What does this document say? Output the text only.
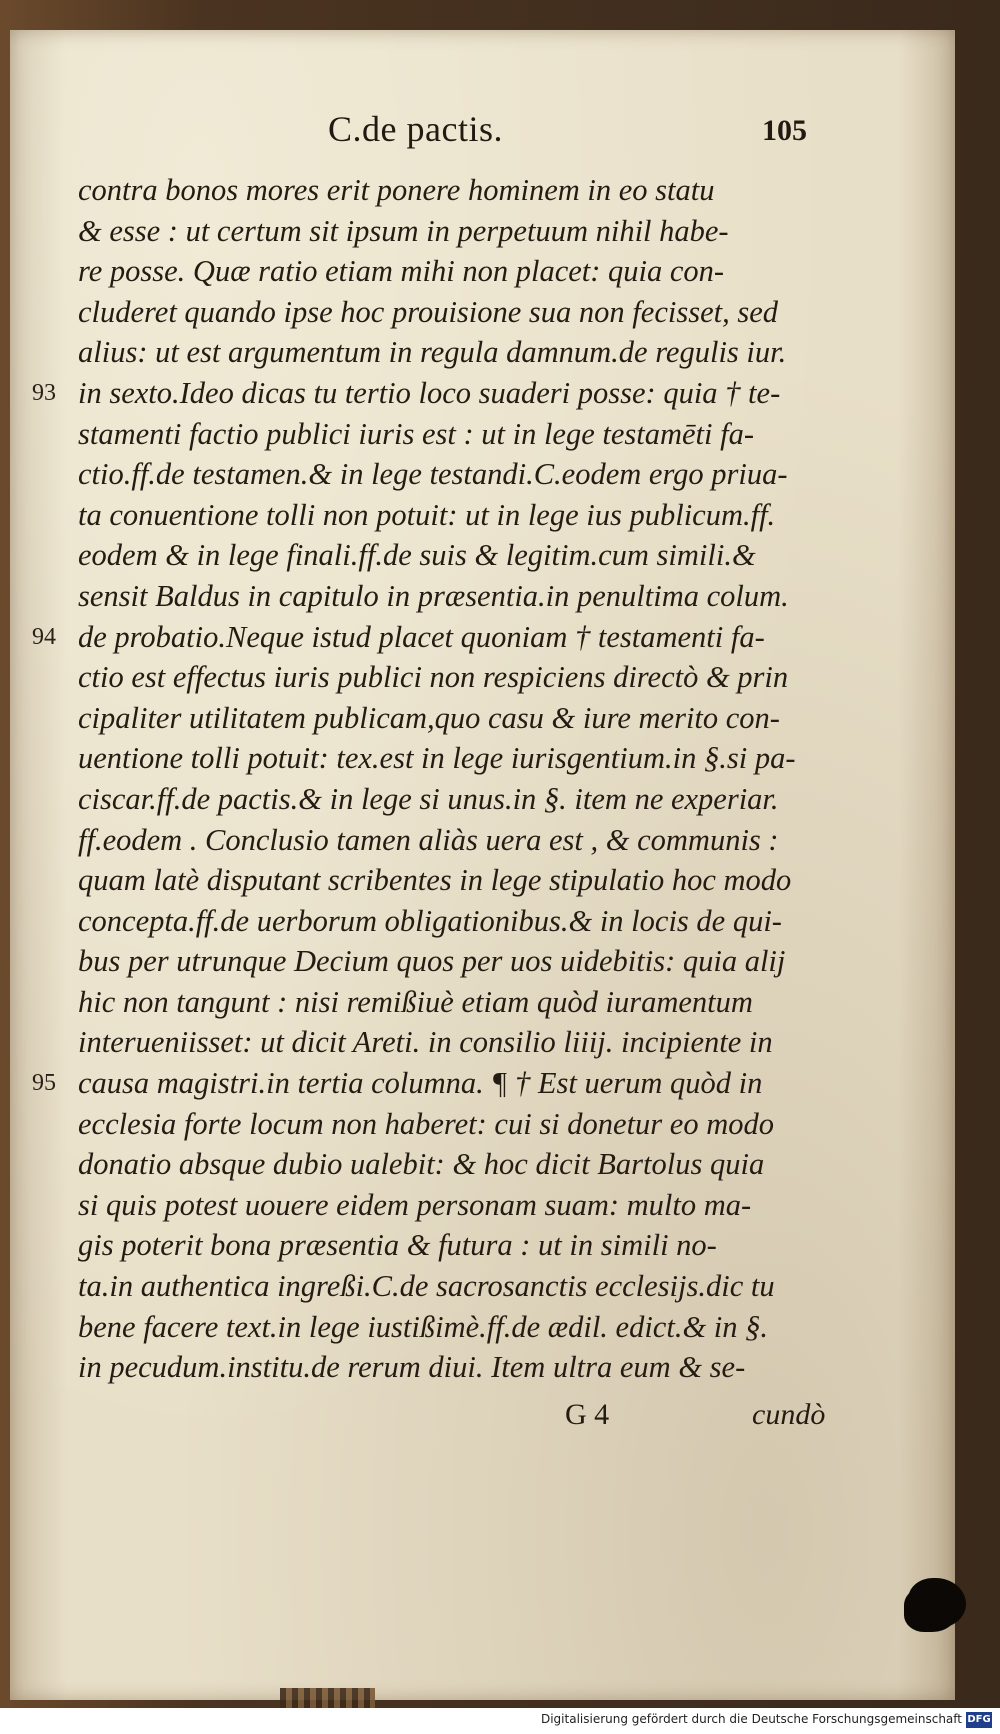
C.de pactis.	105
contra bonos mores erit ponere hominem in eo statu
& esse : ut certum sit ipsum in perpetuum nihil habe-
re posse. Quæ ratio etiam mihi non placet: quia con-
cluderet quando ipse hoc prouisione sua non fecisset, sed
alius: ut est argumentum in regula damnum.de regulis iur.
93 in sexto.Ideo dicas tu tertio loco suaderi posse: quia † te-
stamenti factio publici iuris est : ut in lege testamēti fa-
ctio.ff.de testamen.& in lege testandi.C.eodem ergo priua-
ta conuentione tolli non potuit: ut in lege ius publicum.ff.
eodem & in lege finali.ff.de suis & legitim.cum simili.&
sensit Baldus in capitulo in præsentia.in penultima colum.
94 de probatio.Neque istud placet quoniam † testamenti fa-
ctio est effectus iuris publici non respiciens directò & prin
cipaliter utilitatem publicam,quo casu & iure merito con-
uentione tolli potuit: tex.est in lege iurisgentium.in §.si pa-
ciscar.ff.de pactis.& in lege si unus.in §. item ne experiar.
ff.eodem . Conclusio tamen aliàs uera est , & communis :
quam latè disputant scribentes in lege stipulatio hoc modo
concepta.ff.de uerborum obligationibus.& in locis de qui-
bus per utrunque Decium quos per uos uidebitis: quia alij
hic non tangunt : nisi remißiuè etiam quòd iuramentum
interueniisset: ut dicit Areti. in consilio liiij. incipiente in
95 causa magistri.in tertia columna. ¶ † Est uerum quòd in
ecclesia forte locum non haberet: cui si donetur eo modo
donatio absque dubio ualebit: & hoc dicit Bartolus quia
si quis potest uouere eidem personam suam: multo ma-
gis poterit bona præsentia & futura : ut in simili no-
ta.in authentica ingreßi.C.de sacrosanctis ecclesijs.dic tu
bene facere text.in lege iustißimè.ff.de ædil. edict.& in §.
in pecudum.institu.de rerum diui. Item ultra eum & se-
G 4	cundò
Digitalisierung gefördert durch die Deutsche Forschungsgemeinschaft DFG
